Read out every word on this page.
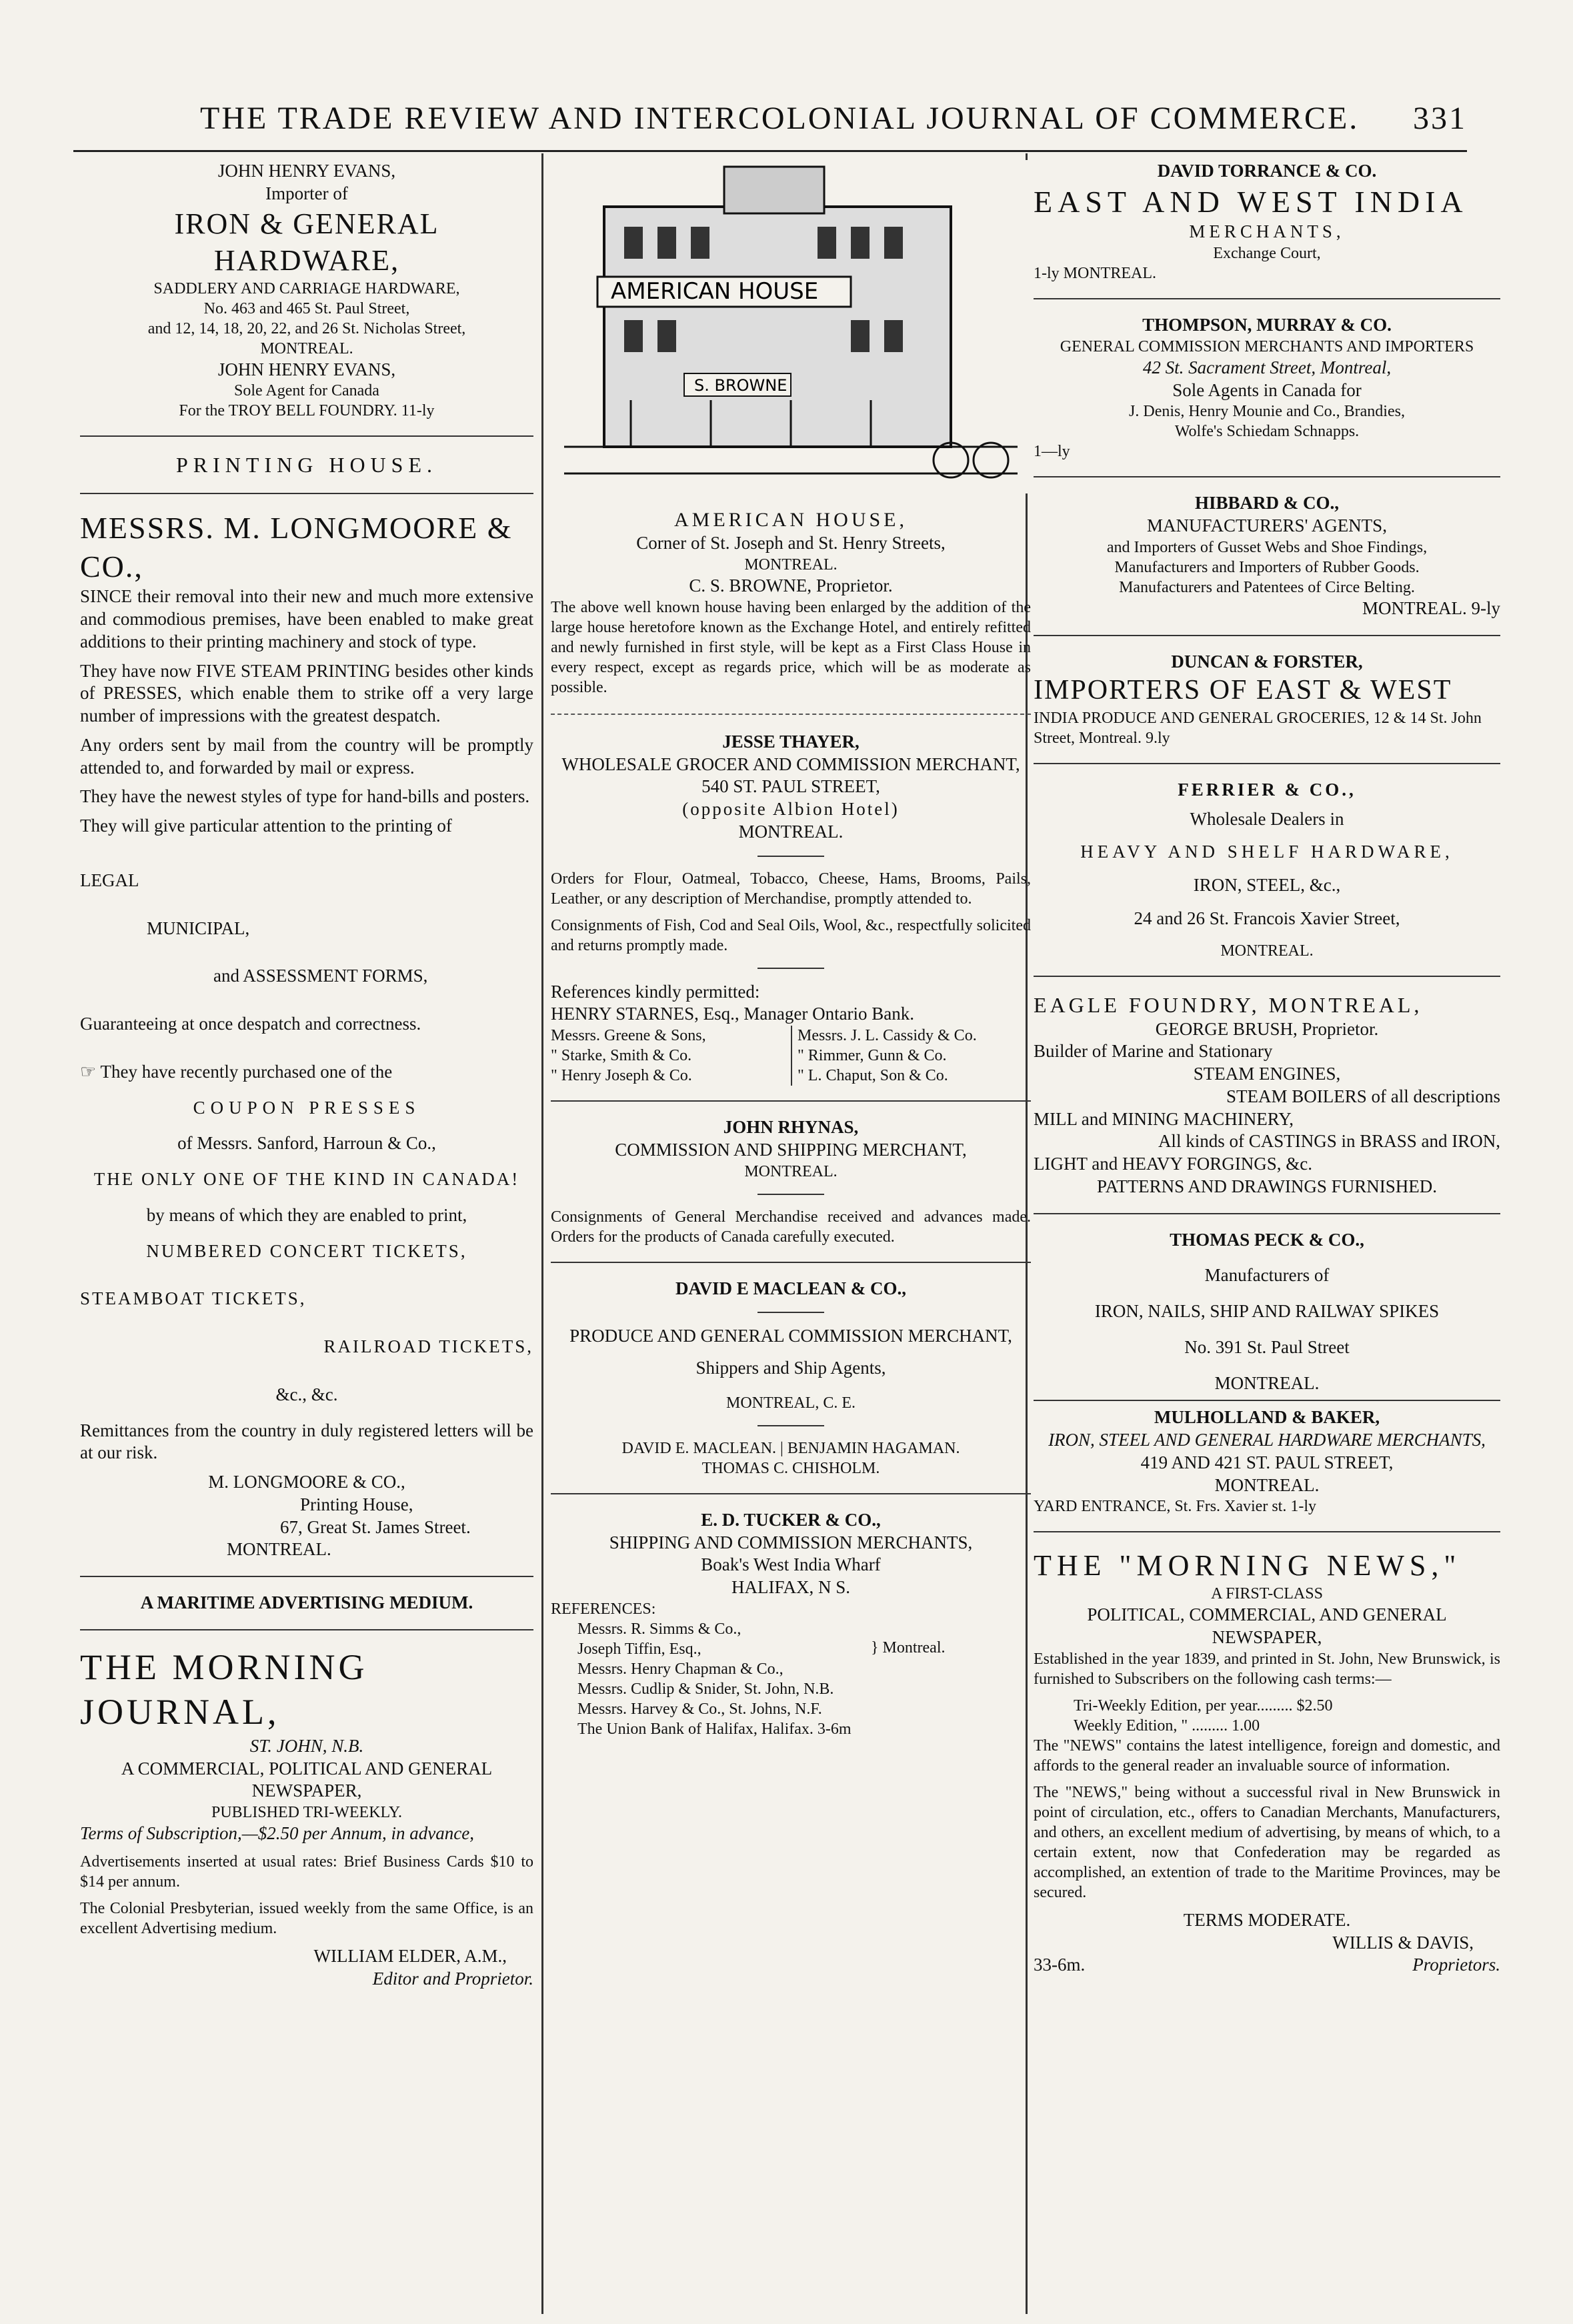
THE TRADE REVIEW AND INTERCOLONIAL JOURNAL OF COMMERCE. 331
JOHN HENRY EVANS,
Importer of
IRON & GENERAL HARDWARE,
SADDLERY AND CARRIAGE HARDWARE,
No. 463 and 465 St. Paul Street,
and 12, 14, 18, 20, 22, and 26 St. Nicholas Street,
MONTREAL.
JOHN HENRY EVANS,
Sole Agent for Canada
For the TROY BELL FOUNDRY. 11-ly
PRINTING HOUSE.
MESSRS. M. LONGMOORE & CO.,

SINCE their removal into their new and much more extensive and commodious premises, have been enabled to make great additions to their printing machinery and stock of type.

They have now FIVE STEAM PRINTING besides other kinds of PRESSES, which enable them to strike off a very large number of impressions with the greatest despatch.

Any orders sent by mail from the country will be promptly attended to, and forwarded by mail or express.

They have the newest styles of type for hand-bills and posters.

They will give particular attention to the printing of

LEGAL
MUNICIPAL,
and ASSESSMENT FORMS,
Guaranteeing at once despatch and correctness.
☞ They have recently purchased one of the
COUPON PRESSES
of Messrs. Sanford, Harroun & Co.,
THE ONLY ONE OF THE KIND IN CANADA!
by means of which they are enabled to print,
NUMBERED CONCERT TICKETS,
STEAMBOAT TICKETS,
RAILROAD TICKETS,
&c., &c.

Remittances from the country in duly registered letters will be at our risk.

M. LONGMOORE & CO.,
Printing House,
67, Great St. James Street.
MONTREAL.
A MARITIME ADVERTISING MEDIUM.
THE MORNING JOURNAL,
ST. JOHN, N.B.
A COMMERCIAL, POLITICAL AND GENERAL NEWSPAPER,
PUBLISHED TRI-WEEKLY.

Terms of Subscription,—$2.50 per Annum, in advance,

Advertisements inserted at usual rates: Brief Business Cards $10 to $14 per annum.

The Colonial Presbyterian, issued weekly from the same Office, is an excellent Advertising medium.

WILLIAM ELDER, A.M.,
Editor and Proprietor.
AMERICAN HOUSE
S. BROWNE
AMERICAN HOUSE,
Corner of St. Joseph and St. Henry Streets,
MONTREAL.
C. S. BROWNE, Proprietor.

The above well known house having been enlarged by the addition of the large house heretofore known as the Exchange Hotel, and entirely refitted and newly furnished in first style, will be kept as a First Class House in every respect, except as regards price, which will be as moderate as possible.

JESSE THAYER,
WHOLESALE GROCER AND COMMISSION MERCHANT,
540 ST. PAUL STREET,
(opposite Albion Hotel)
MONTREAL.

Orders for Flour, Oatmeal, Tobacco, Cheese, Hams, Brooms, Pails, Leather, or any description of Merchandise, promptly attended to.

Consignments of Fish, Cod and Seal Oils, Wool, &c., respectfully solicited and returns promptly made.

References kindly permitted:
HENRY STARNES, Esq., Manager Ontario Bank.
Messrs. Greene & Sons,
" Starke, Smith & Co.
" Henry Joseph & Co.
Messrs. J. L. Cassidy & Co.
" Rimmer, Gunn & Co.
" L. Chaput, Son & Co.
JOHN RHYNAS,
COMMISSION AND SHIPPING MERCHANT,
MONTREAL.

Consignments of General Merchandise received and advances made. Orders for the products of Canada carefully executed.

DAVID E MACLEAN & CO.,
PRODUCE AND GENERAL COMMISSION MERCHANT,
Shippers and Ship Agents,
MONTREAL, C. E.
DAVID E. MACLEAN. | BENJAMIN HAGAMAN.
THOMAS C. CHISHOLM.
E. D. TUCKER & CO.,
SHIPPING AND COMMISSION MERCHANTS,
Boak's West India Wharf
HALIFAX, N S.
REFERENCES:
Messrs. R. Simms & Co.,
Joseph Tiffin, Esq.,
Messrs. Henry Chapman & Co.,
Messrs. Cudlip & Snider, St. John, N.B.
Messrs. Harvey & Co., St. Johns, N.F.
The Union Bank of Halifax, Halifax. 3-6m
} Montreal.
DAVID TORRANCE & CO.
EAST AND WEST INDIA
MERCHANTS,
Exchange Court,
1-ly MONTREAL.
THOMPSON, MURRAY & CO.
GENERAL COMMISSION MERCHANTS AND IMPORTERS
42 St. Sacrament Street, Montreal,
Sole Agents in Canada for
J. Denis, Henry Mounie and Co., Brandies,
Wolfe's Schiedam Schnapps.
1—ly
HIBBARD & CO.,
MANUFACTURERS' AGENTS,
and Importers of Gusset Webs and Shoe Findings,
Manufacturers and Importers of Rubber Goods.
Manufacturers and Patentees of Circe Belting.
MONTREAL. 9-ly
DUNCAN & FORSTER,
IMPORTERS OF EAST & WEST
INDIA PRODUCE AND GENERAL GROCERIES, 12 & 14 St. John Street, Montreal. 9.ly
FERRIER & CO.,
Wholesale Dealers in
HEAVY AND SHELF HARDWARE,
IRON, STEEL, &c.,
24 and 26 St. Francois Xavier Street,
MONTREAL.
EAGLE FOUNDRY, MONTREAL,
GEORGE BRUSH, Proprietor.
Builder of Marine and Stationary
STEAM ENGINES,
STEAM BOILERS of all descriptions
MILL and MINING MACHINERY,
All kinds of CASTINGS in BRASS and IRON,
LIGHT and HEAVY FORGINGS, &c.
PATTERNS AND DRAWINGS FURNISHED.
THOMAS PECK & CO.,
Manufacturers of
IRON, NAILS, SHIP AND RAILWAY SPIKES
No. 391 St. Paul Street
MONTREAL.
MULHOLLAND & BAKER,
IRON, STEEL AND GENERAL HARDWARE MERCHANTS,
419 AND 421 ST. PAUL STREET,
MONTREAL.
YARD ENTRANCE, St. Frs. Xavier st. 1-ly
THE "MORNING NEWS,"
A FIRST-CLASS
POLITICAL, COMMERCIAL, AND GENERAL NEWSPAPER,

Established in the year 1839, and printed in St. John, New Brunswick, is furnished to Subscribers on the following cash terms:—

Tri-Weekly Edition, per year......... $2.50
Weekly Edition, " ......... 1.00

The "NEWS" contains the latest intelligence, foreign and domestic, and affords to the general reader an invaluable source of information.

The "NEWS," being without a successful rival in New Brunswick in point of circulation, etc., offers to Canadian Merchants, Manufacturers, and others, an excellent medium of advertising, by means of which, to a certain extent, now that Confederation may be regarded as accomplished, an extention of trade to the Maritime Provinces, may be secured.

TERMS MODERATE.
WILLIS & DAVIS,
33-6m.	Proprietors.
